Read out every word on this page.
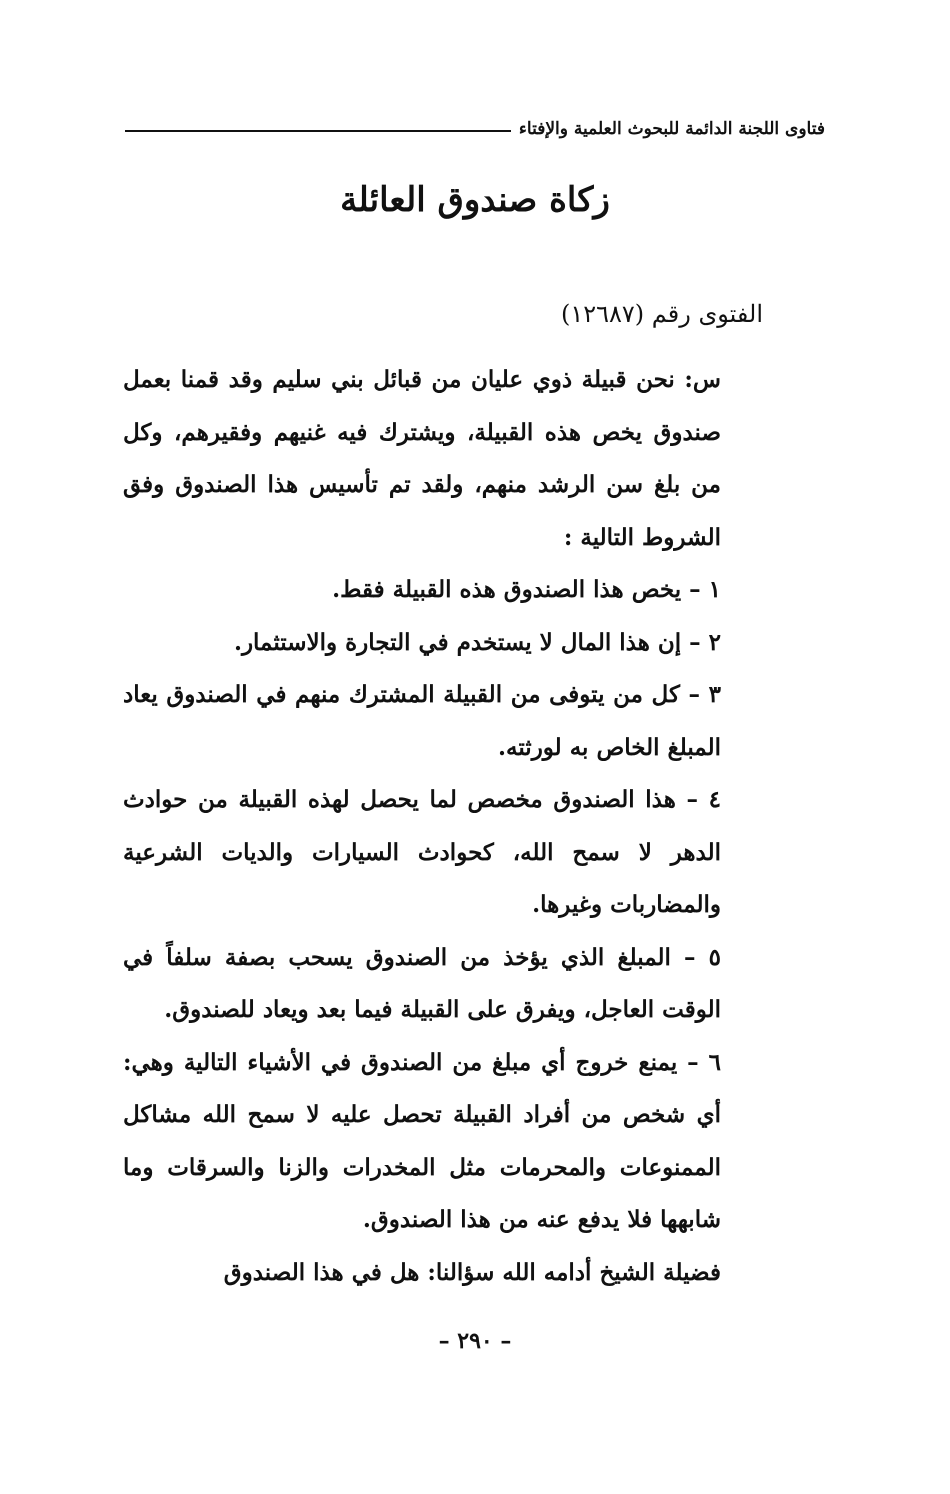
فتاوى اللجنة الدائمة للبحوث العلمية والإفتاء
زكاة صندوق العائلة
الفتوى رقم (١٢٦٨٧)

س: نحن قبيلة ذوي عليان من قبائل بني سليم وقد قمنا بعمل صندوق يخص هذه القبيلة، ويشترك فيه غنيهم وفقيرهم، وكل من بلغ سن الرشد منهم، ولقد تم تأسيس هذا الصندوق وفق الشروط التالية :

١ – يخص هذا الصندوق هذه القبيلة فقط.

٢ – إن هذا المال لا يستخدم في التجارة والاستثمار.

٣ – كل من يتوفى من القبيلة المشترك منهم في الصندوق يعاد المبلغ الخاص به لورثته.

٤ – هذا الصندوق مخصص لما يحصل لهذه القبيلة من حوادث الدهر لا سمح الله، كحوادث السيارات والديات الشرعية والمضاربات وغيرها.

٥ – المبلغ الذي يؤخذ من الصندوق يسحب بصفة سلفاً في الوقت العاجل، ويفرق على القبيلة فيما بعد ويعاد للصندوق.

٦ – يمنع خروج أي مبلغ من الصندوق في الأشياء التالية وهي: أي شخص من أفراد القبيلة تحصل عليه لا سمح الله مشاكل الممنوعات والمحرمات مثل المخدرات والزنا والسرقات وما شابهها فلا يدفع عنه من هذا الصندوق.

فضيلة الشيخ أدامه الله سؤالنا: هل في هذا الصندوق

– ٢٩٠ –
